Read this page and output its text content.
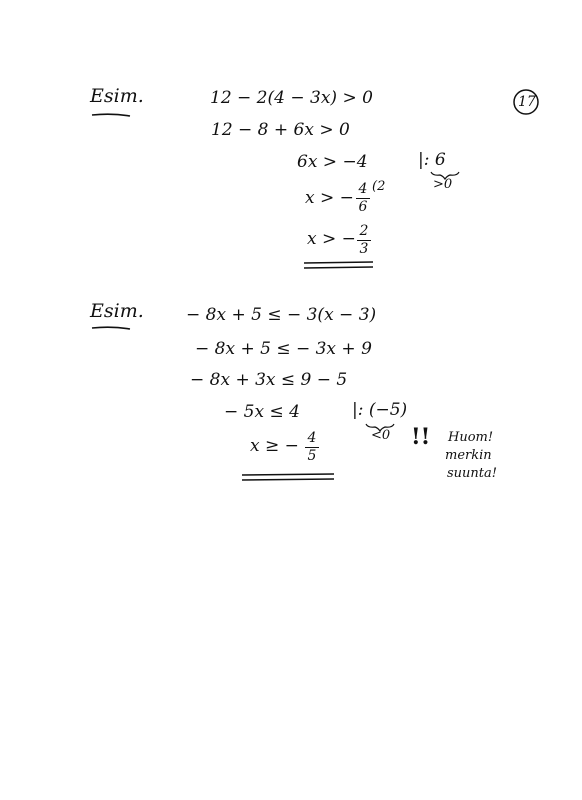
17
Esim.	12 − 2(4 − 3x) > 0
12 − 8 + 6x > 0
6x > −4	|: 6
>0
x > − 4
6
(2
x > − 2
3
Esim. − 8x + 5 ≤ − 3(x − 3)
− 8x + 5 ≤ − 3x + 9
− 8x + 3x ≤ 9 − 5
− 5x ≤ 4	|: (−5)
<0 !! Huom!
merkin
suunta!
x ≥ − 4
5
